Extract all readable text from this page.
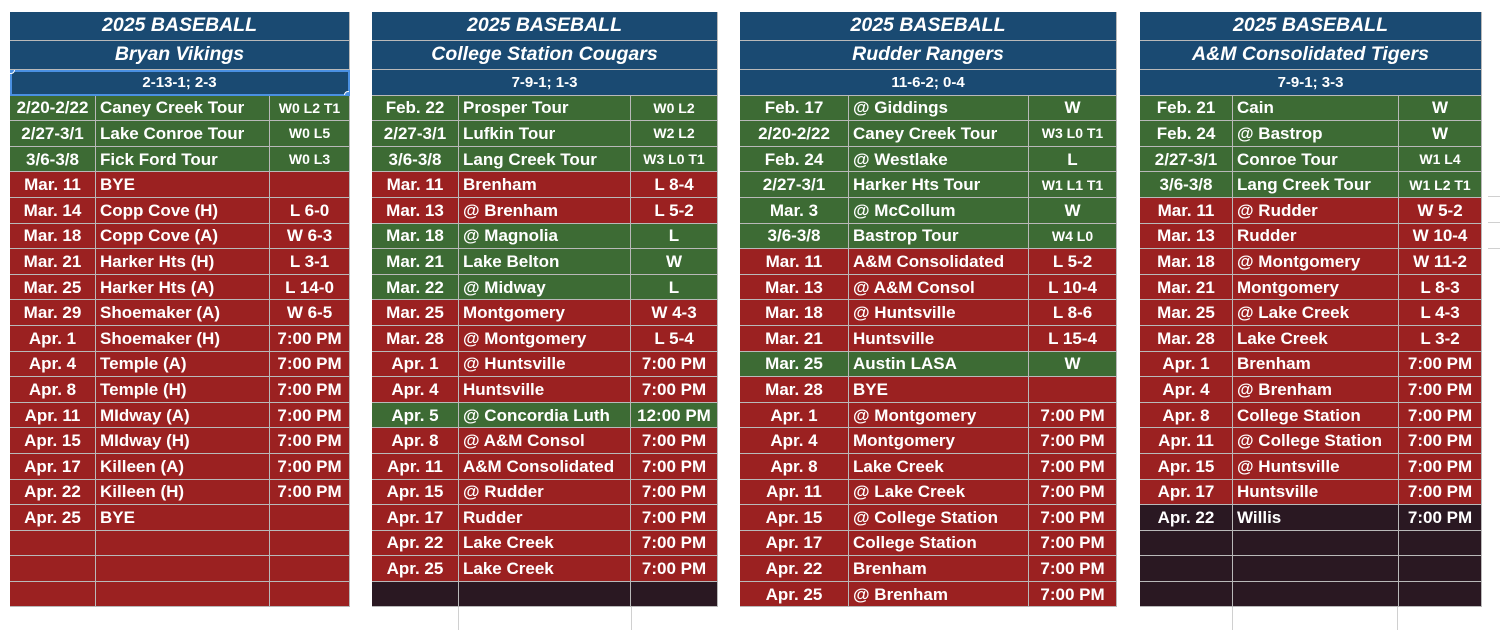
2025 BASEBALL
Bryan Vikings
2-13-1; 2-3
2/20-2/22 Caney Creek Tour	W0 L2 T1
2/27-3/1 Lake Conroe Tour	W0 L5
3/6-3/8	Fick Ford Tour	W0 L3
Mar. 11	BYE
Mar. 14	Copp Cove (H)	L 6-0
Mar. 18	Copp Cove (A)	W 6-3
Mar. 21	Harker Hts (H)	L 3-1
Mar. 25	Harker Hts (A)	L 14-0
Mar. 29	Shoemaker (A)	W 6-5
Apr. 1	Shoemaker (H)	7:00 PM
Apr. 4	Temple (A)	7:00 PM
Apr. 8	Temple (H)	7:00 PM
Apr. 11	MIdway (A)	7:00 PM
Apr. 15	MIdway (H)	7:00 PM
Apr. 17	Killeen (A)	7:00 PM
Apr. 22	Killeen (H)	7:00 PM
Apr. 25	BYE
2025 BASEBALL
College Station Cougars
7-9-1; 1-3
Feb. 22	Prosper Tour	W0 L2
2/27-3/1 Lufkin Tour	W2 L2
3/6-3/8	Lang Creek Tour	W3 L0 T1
Mar. 11	Brenham	L 8-4
Mar. 13	@ Brenham	L 5-2
Mar. 18	@ Magnolia	L
Mar. 21	Lake Belton	W
Mar. 22	@ Midway	L
Mar. 25	Montgomery	W 4-3
Mar. 28	@ Montgomery	L 5-4
Apr. 1	@ Huntsville	7:00 PM
Apr. 4	Huntsville	7:00 PM
Apr. 5	@ Concordia Luth	12:00 PM
Apr. 8	@ A&M Consol	7:00 PM
Apr. 11	A&M Consolidated	7:00 PM
Apr. 15	@ Rudder	7:00 PM
Apr. 17	Rudder	7:00 PM
Apr. 22	Lake Creek	7:00 PM
Apr. 25	Lake Creek	7:00 PM
2025 BASEBALL
Rudder Rangers
11-6-2; 0-4
Feb. 17	@ Giddings	W
2/20-2/22	Caney Creek Tour	W3 L0 T1
Feb. 24	@ Westlake	L
2/27-3/1	Harker Hts Tour	W1 L1 T1
Mar. 3	@ McCollum	W
3/6-3/8	Bastrop Tour	W4 L0
Mar. 11	A&M Consolidated	L 5-2
Mar. 13	@ A&M Consol	L 10-4
Mar. 18	@ Huntsville	L 8-6
Mar. 21	Huntsville	L 15-4
Mar. 25	Austin LASA	W
Mar. 28	BYE
Apr. 1	@ Montgomery	7:00 PM
Apr. 4	Montgomery	7:00 PM
Apr. 8	Lake Creek	7:00 PM
Apr. 11	@ Lake Creek	7:00 PM
Apr. 15	@ College Station	7:00 PM
Apr. 17	College Station	7:00 PM
Apr. 22	Brenham	7:00 PM
Apr. 25	@ Brenham	7:00 PM
2025 BASEBALL
A&M Consolidated Tigers
7-9-1; 3-3
Feb. 21	Cain	W
Feb. 24	@ Bastrop	W
2/27-3/1	Conroe Tour	W1 L4
3/6-3/8	Lang Creek Tour	W1 L2 T1
Mar. 11	@ Rudder	W 5-2
Mar. 13	Rudder	W 10-4
Mar. 18	@ Montgomery	W 11-2
Mar. 21	Montgomery	L 8-3
Mar. 25	@ Lake Creek	L 4-3
Mar. 28	Lake Creek	L 3-2
Apr. 1	Brenham	7:00 PM
Apr. 4	@ Brenham	7:00 PM
Apr. 8	College Station	7:00 PM
Apr. 11	@ College Station	7:00 PM
Apr. 15	@ Huntsville	7:00 PM
Apr. 17	Huntsville	7:00 PM
Apr. 22	Willis	7:00 PM
